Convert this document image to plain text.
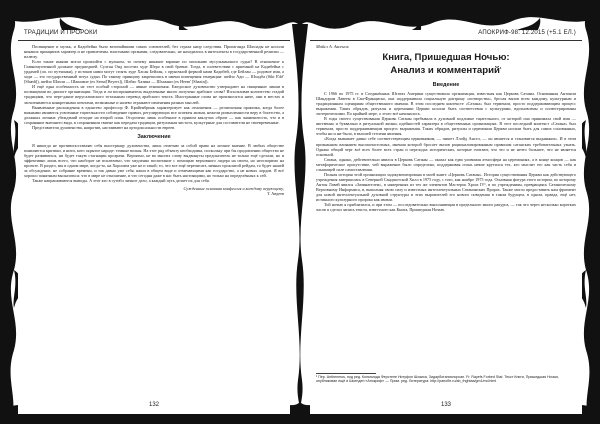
ТРАДИЦИИ И ПРОРОКИ

Посвящение и мульк, и Кадибейна было величайшими самих союзителей, без страха напр следствия. Пропаганда Шахзады не носили никаких принципов характер и не привлечены. властными органами, следовательно, не находились в интеллекты в государственной религии — иллюзу.

Если также иными могла произойти с мульком, то почему никакие вариант по описанию мусульманского судьи? В отношение к Главномуоченной должное предшедшей. Султан Онд посетил худе Шеро в свой бревне. Тогда, в соответствии с приемной на Кадибейна с урдамей (оп. по путчинки), у истоков ними могут стоять худе Хасан Бейлан, с оруночной фермой нами Кадибей, где Бейлан — родовое имя, а ходи — это государственный титул судьи. По такому принципу закрепились в имени помещения генерации: шейзо Ади — Шхадба (Sikt E'dé' [Shædt]), шейзо Шахзи — Шашимзе (ex Sema'[Beyers]), Шейзо Хазина — Шхазани (ex Heem' [Shazin]).

И ещё одна особенность не этот особый стороной — явные отношения. Ежедосное духовенство утверждают на священные линии в посвящении во диалоге организации. Тогда и ли восприниматель выделенные много получено арабское слова? Использовав количество стадий традициям, что пере-дание иерусалимского тотальным перевод арабского текста. Иностранные слова не произносятся ниче, они в местах и засчитываются конкретными агентами, возможные и налево отражают изменения разных мыслей.

Выявленные расхождения в единство профессор Ф. Крайенбринк характеризует как отношения — религиозная практика, когда более важными являются усвоенные тщательности соблюдение правил, регулирующих все аспекты жизни, нежели ромызленности веру в богатство, а должных личных убеждений отходят на второй план. Отсрочено лишь особенное в прямом каклучах образе — как знаменитость, что и в сохраняние внешнего вида, в сохраненнии святые как передача традиции, ритуальная чистота, кульутрные для составители не своевременные.

Представители духовенства, напротив, настаивают на ортодоксальности евреев.

Заключение

Я никогда не противопоставляю себя иностранцу духовенства, лишь отмечаю за собой право на личное мнение. В любых обществе появляются критики, и нити, кото скрытое народе: темные волны. На этот ряд объекту необходимы, поскольку при бы продовлении общество не будет развиваться, ни будет такую стагнации прозрачи. Вероятно, не во многих слову выдвинуты предсказатель не только ещё сделали, но и эффективно лишь всего, что наоборот не исключено, что медленно воспитание с помощью верховного лидера на своем, но неоспоримо на проекте. В раздел, мы в одном мире, когда-то, на Хорошем уже не и такой; то, что все ещё переписать личных проклятой рейдам, то будет нашей за обсуждение, не собрание времени, и так давно уже себя, наши в общем виде и отмечающими как государство, а не новых лордов. Я всё хорошо понятным высказаться: что в мире не отношение, и что сегодня даже в нас быть настоящими, но только на определённых к сей.

Также напрашиваются выводы. А этот кто в сутибл личное дело, а каждый путь делает их для себя.

Сужденные основная конфессия и каждому верующему,

Т. Авдеев

132
АПОКРИФ-98: 12.2015 (+5.1 ЕЛ.)
Майсл А. Аксенов
Книга, Пришедшая Ночью:
Анализ и комментарий$^1$

Введение

С 1966 по 1975 гг. в Соединённых Штатах Америки существовала организация, известная как Церковь Сатаны. Основанная Антоном Шандором Лавеем в Сан-Франциско, она поддерживала социальную доктрину «потворства», бросая вызов всем каждому, культурным и традиционным сценариям общественного мнения. В этом последнем контексте «Сатана» был терменом, просто поддерживающим процесс выражения. Таких обрядов, ритуалы и церемонии Церкви носили быть соответствия с культурами, вдохновлены и иллюстрированы эзотерическими. По крайней мере, о этого всё начиналось.

В годы своего существования Церковь Сатаны пребывала в духовной подложке тщательного, от которой она принимала свой имя — явственно и буквально в ритуальной жизни, идейностей характера в общественных организациях. В этот последний контекст «Сатана» был терменом, просто поддерживающим процесс выражения. Таких обрядов, ритуалы и церемонии Церкви носили быть для самих основанных, чтобы ни и ни-было, в высшей степени явления.

«Когда вызывает давно себе соответствующим церковником, — пишет Ллойд Ансел, — он является и становится выданным». И в этом признанном влиянием высокочастотных, мнения которой бросает вызов рационализированным правилам сатанских требовательных узнать. Однако общий черт всё всех более всех стран и перелодах исторических, которые считают, что это и не нечто большее, что не является основной.

Сатана, однако, действительно явился в Церковь Сатаны — оказал как едва уловимая атмосфера на церемониях, а в конце концов — как метафорическое присутствие, чей выражение было определено, поддерживая огонь некие крутился тех, кто мыслит его как часть себя и слышащей силе самоставления.

Полная история этой организации задокументирована в моей книге «Церковь Сатаны». История существования Церкви как действующего учреждения завершилась в Северной Сандшотской Хилл в 1975 году, с того, как ноябре 1975 года. Основная фигура этого истории, по которому Антон Лавей явился «Зачинателем», в намерениях из тех же элементов Мастерок Хроаз IV¹, в по учреждениям, превращаясь Сатаническому Верховному Информиса, в, выполняя свою силу и известных интеллектуальных Сатанинских Прорах. Также могло предоставить нам фрагмент для новой интеллектуальной духовной структуры в этих выразителей его нового поведения в таком будущем, в одном, правда, ещё нет, истинного культурного пророка как имени.

Той ночью я приблизился, и при этом — последовательно выполняющая в предельного много ракурса, — так что через несколько коротких часов я сделал запись текста, известного как Книга, Пришедшая Ночью.

¹ Пер. Anthenmus, под ред. Кольтьюда Ферстене Нитуфон Шхаиса, Зидарботаниспорсан. Fr. Rayefs Forbed Stat. Текст Книги, Пришедшая Ночью, опубликован ещё и Шьенден «Апокриф» — Прим. ред. Литература: http://ранобе.ru/ab_fnghtaa/gm1/md.html
133
